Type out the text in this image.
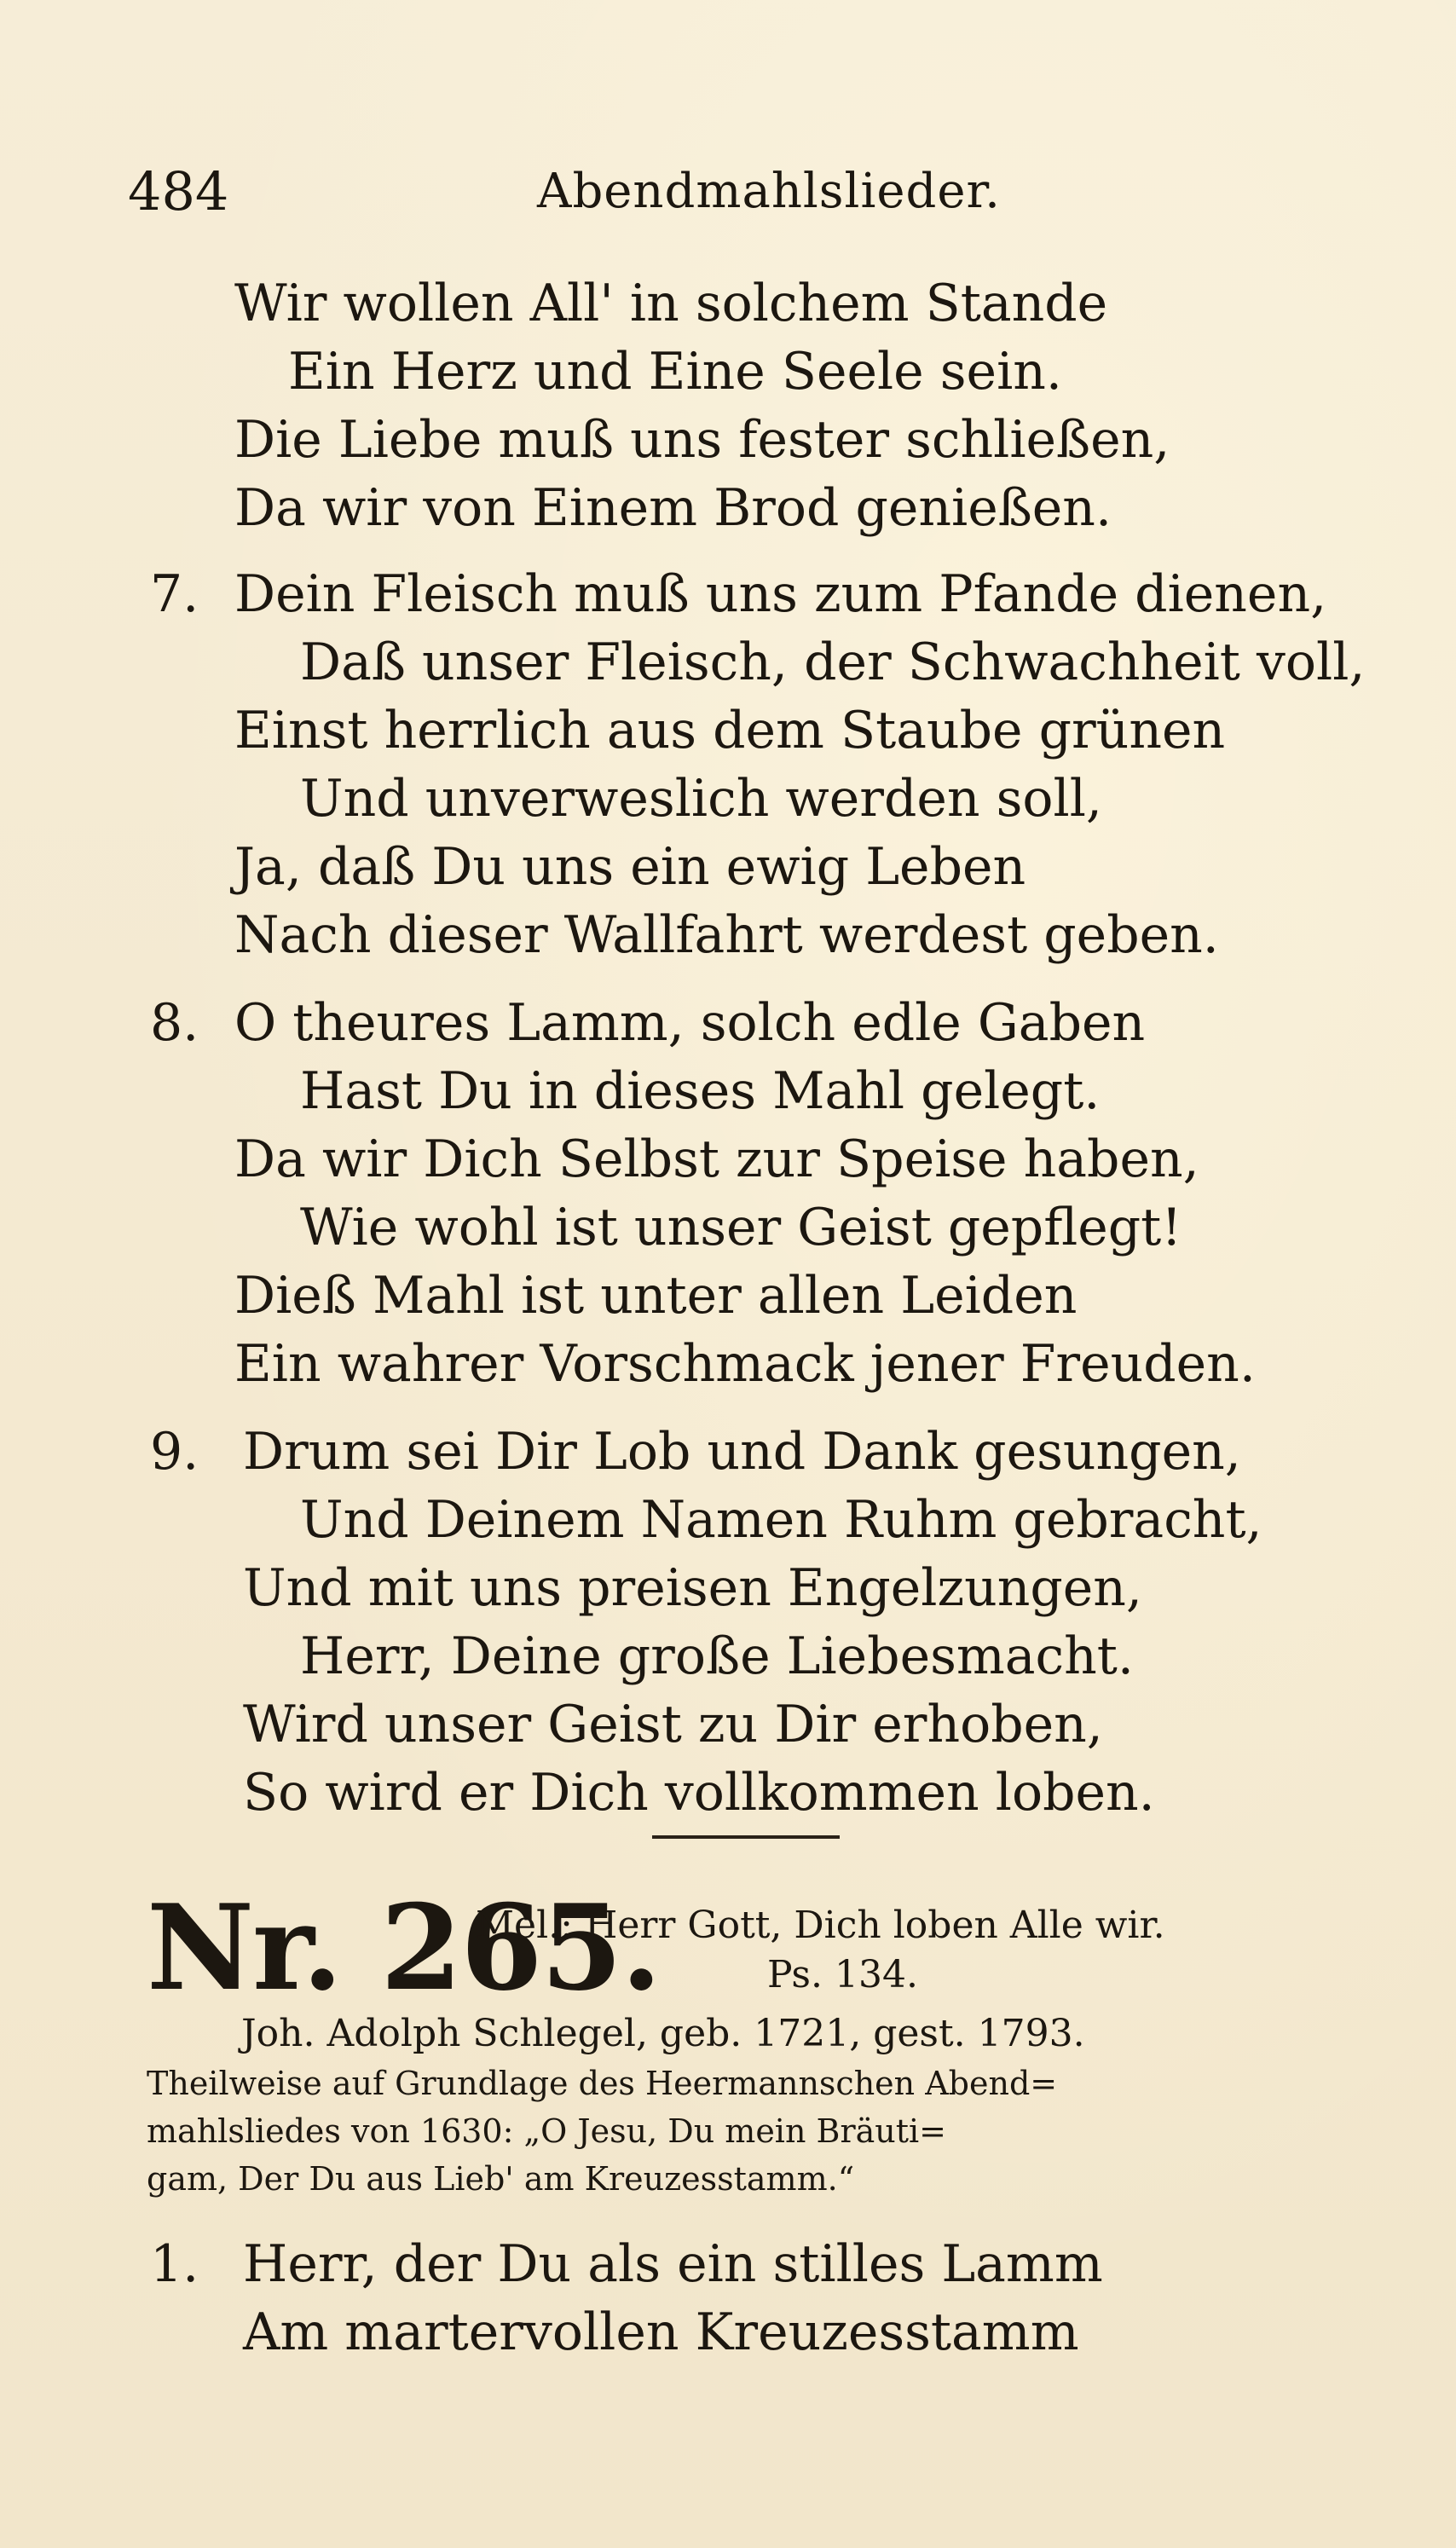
484	Abendmahlslieder.
Wir wollen All' in solchem Stande
Ein Herz und Eine Seele sein.
Die Liebe muß uns fester schließen,
Da wir von Einem Brod genießen.
7. Dein Fleisch muß uns zum Pfande dienen,
Daß unser Fleisch, der Schwachheit voll,
Einst herrlich aus dem Staube grünen
Und unverweslich werden soll,
Ja, daß Du uns ein ewig Leben
Nach dieser Wallfahrt werdest geben.
8. O theures Lamm, solch edle Gaben
Hast Du in dieses Mahl gelegt.
Da wir Dich Selbst zur Speise haben,
Wie wohl ist unser Geist gepflegt!
Dieß Mahl ist unter allen Leiden
Ein wahrer Vorschmack jener Freuden.
9. Drum sei Dir Lob und Dank gesungen,
Und Deinem Namen Ruhm gebracht,
Und mit uns preisen Engelzungen,
Herr, Deine große Liebesmacht.
Wird unser Geist zu Dir erhoben,
So wird er Dich vollkommen loben.
Nr. 265.
Mel.: Herr Gott, Dich loben Alle wir.
Ps. 134.
Joh. Adolph Schlegel, geb. 1721, gest. 1793.
Theilweise auf Grundlage des Heermannschen Abend=
mahlsliedes von 1630: „O Jesu, Du mein Bräuti=
gam, Der Du aus Lieb' am Kreuzesstamm.“
1. Herr, der Du als ein stilles Lamm
Am martervollen Kreuzesstamm
